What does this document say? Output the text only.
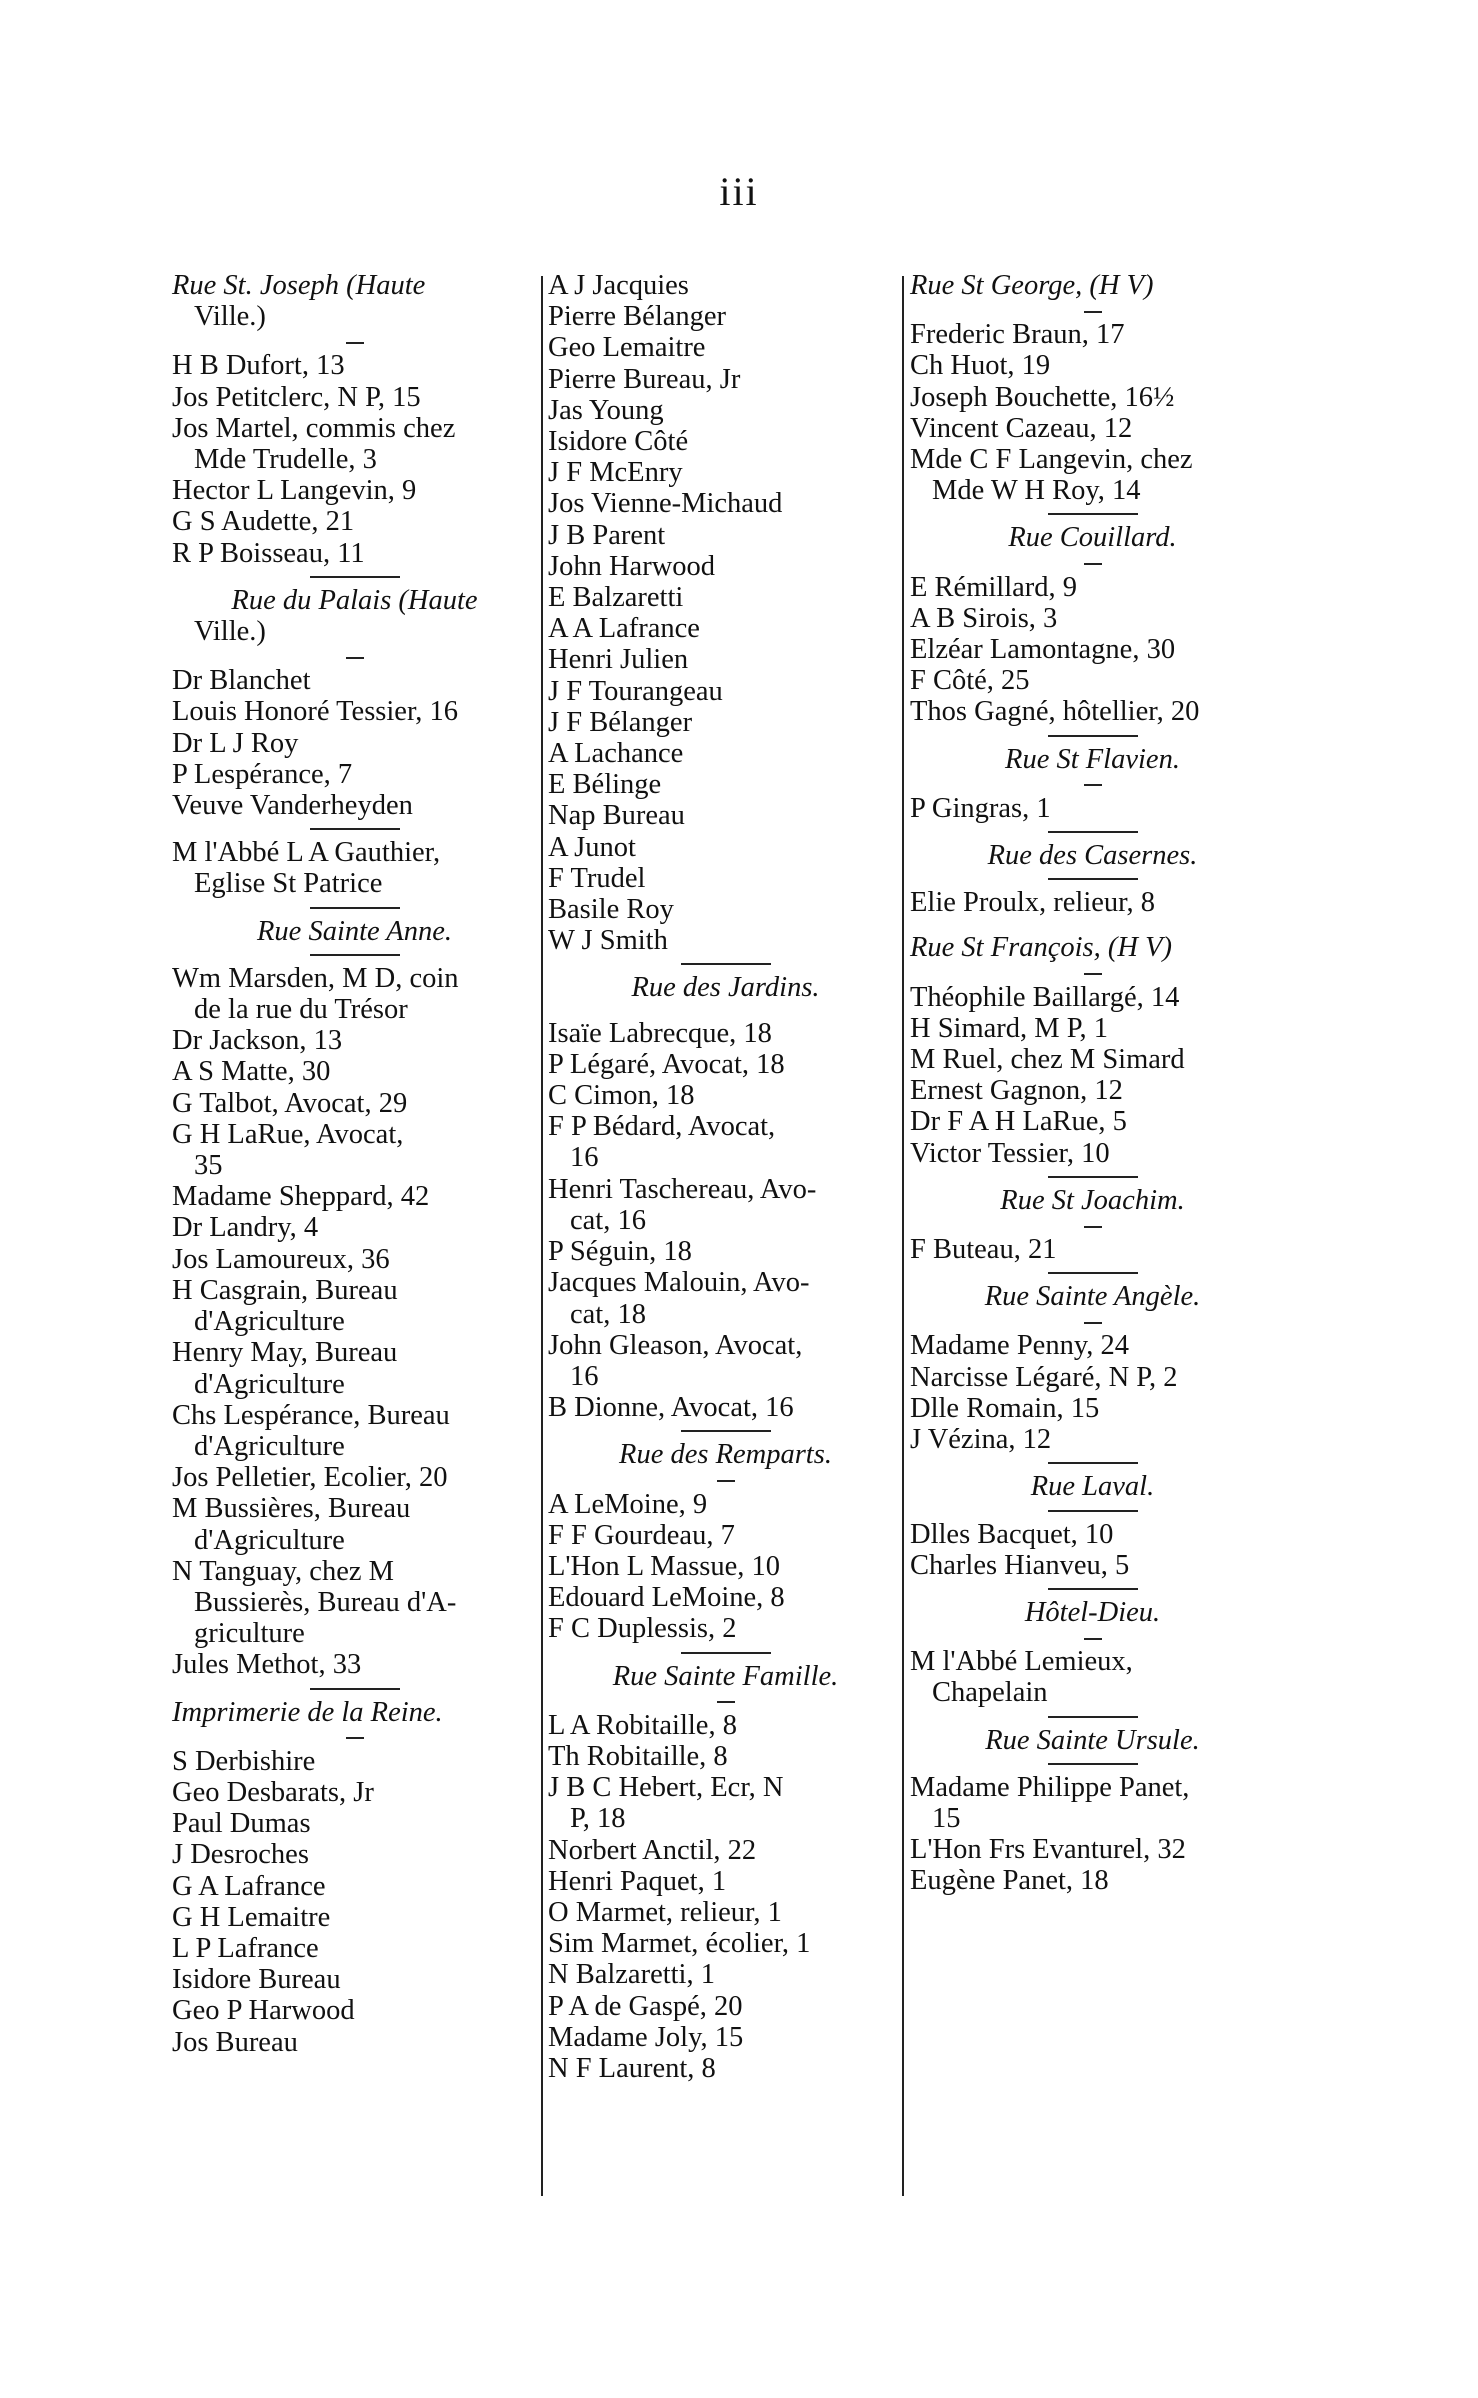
iii
Rue St. Joseph (Haute
Ville.)
H B Dufort, 13
Jos Petitclerc, N P, 15
Jos Martel, commis chez
Mde Trudelle, 3
Hector L Langevin, 9
G S Audette, 21
R P Boisseau, 11
Rue du Palais (Haute
Ville.)
Dr Blanchet
Louis Honoré Tessier, 16
Dr L J Roy
P Lespérance, 7
Veuve Vanderheyden
M l'Abbé L A Gauthier,
Eglise St Patrice
Rue Sainte Anne.
Wm Marsden, M D, coin
de la rue du Trésor
Dr Jackson, 13
A S Matte, 30
G Talbot, Avocat, 29
G H LaRue, Avocat,
35
Madame Sheppard, 42
Dr Landry, 4
Jos Lamoureux, 36
H Casgrain, Bureau
d'Agriculture
Henry May, Bureau
d'Agriculture
Chs Lespérance, Bureau
d'Agriculture
Jos Pelletier, Ecolier, 20
M Bussières, Bureau
d'Agriculture
N Tanguay, chez M
Bussierès, Bureau d'A-
griculture
Jules Methot, 33
Imprimerie de la Reine.
S Derbishire
Geo Desbarats, Jr
Paul Dumas
J Desroches
G A Lafrance
G H Lemaitre
L P Lafrance
Isidore Bureau
Geo P Harwood
Jos Bureau
A J Jacquies
Pierre Bélanger
Geo Lemaitre
Pierre Bureau, Jr
Jas Young
Isidore Côté
J F McEnry
Jos Vienne-Michaud
J B Parent
John Harwood
E Balzaretti
A A Lafrance
Henri Julien
J F Tourangeau
J F Bélanger
A Lachance
E Bélinge
Nap Bureau
A Junot
F Trudel
Basile Roy
W J Smith
Rue des Jardins.
Isaïe Labrecque, 18
P Légaré, Avocat, 18
C Cimon, 18
F P Bédard, Avocat,
16
Henri Taschereau, Avo-
cat, 16
P Séguin, 18
Jacques Malouin, Avo-
cat, 18
John Gleason, Avocat,
16
B Dionne, Avocat, 16
Rue des Remparts.
A LeMoine, 9
F F Gourdeau, 7
L'Hon L Massue, 10
Edouard LeMoine, 8
F C Duplessis, 2
Rue Sainte Famille.
L A Robitaille, 8
Th Robitaille, 8
J B C Hebert, Ecr, N
P, 18
Norbert Anctil, 22
Henri Paquet, 1
O Marmet, relieur, 1
Sim Marmet, écolier, 1
N Balzaretti, 1
P A de Gaspé, 20
Madame Joly, 15
N F Laurent, 8
Rue St George, (H V)
Frederic Braun, 17
Ch Huot, 19
Joseph Bouchette, 16½
Vincent Cazeau, 12
Mde C F Langevin, chez
Mde W H Roy, 14
Rue Couillard.
E Rémillard, 9
A B Sirois, 3
Elzéar Lamontagne, 30
F Côté, 25
Thos Gagné, hôtellier, 20
Rue St Flavien.
P Gingras, 1
Rue des Casernes.
Elie Proulx, relieur, 8
Rue St François, (H V)
Théophile Baillargé, 14
H Simard, M P, 1
M Ruel, chez M Simard
Ernest Gagnon, 12
Dr F A H LaRue, 5
Victor Tessier, 10
Rue St Joachim.
F Buteau, 21
Rue Sainte Angèle.
Madame Penny, 24
Narcisse Légaré, N P, 2
Dlle Romain, 15
J Vézina, 12
Rue Laval.
Dlles Bacquet, 10
Charles Hianveu, 5
Hôtel-Dieu.
M l'Abbé Lemieux,
Chapelain
Rue Sainte Ursule.
Madame Philippe Panet,
15
L'Hon Frs Evanturel, 32
Eugène Panet, 18
